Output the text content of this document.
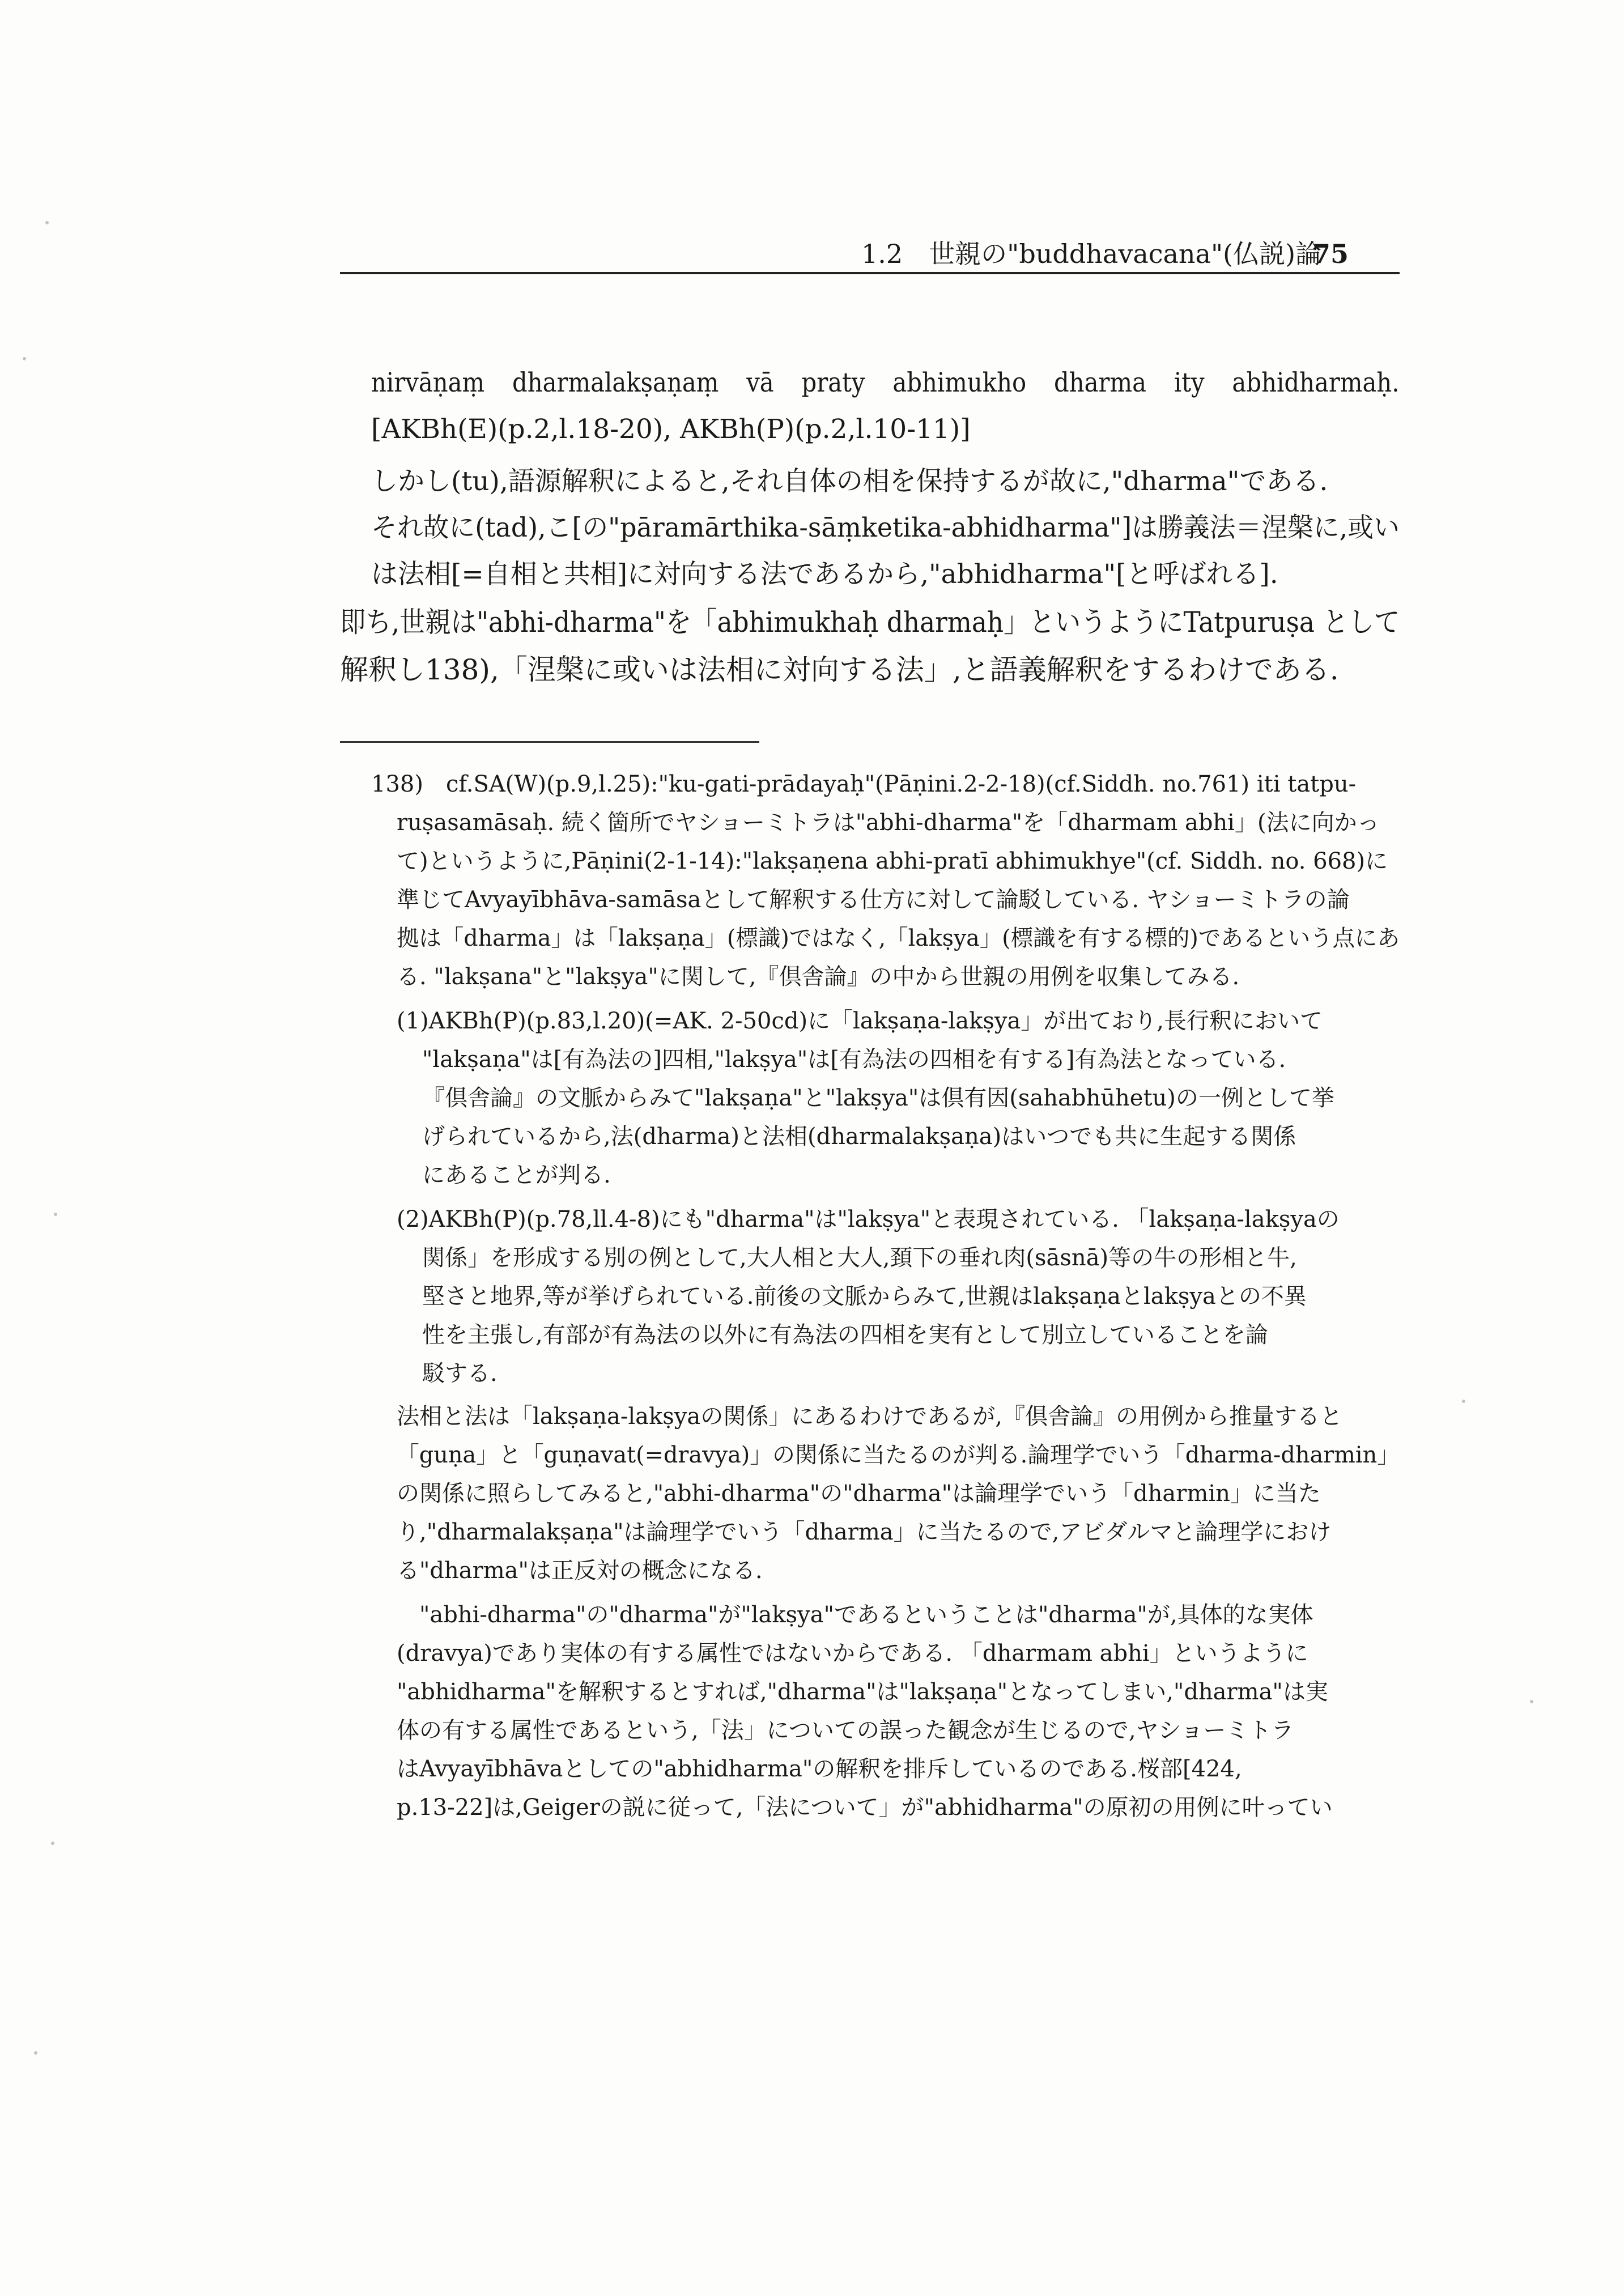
1.2　世親の"buddhavacana"(仏説)論
75
nirvāṇaṃ dharmalakṣaṇaṃ vā praty abhimukho dharma ity abhidharmaḥ.
[AKBh(E)(p.2,l.18-20), AKBh(P)(p.2,l.10-11)]
しかし(tu),語源解釈によると,それ自体の相を保持するが故に,"dharma"である.
それ故に(tad),こ[の"pāramārthika-sāṃketika-abhidharma"]は勝義法＝涅槃に,或い
は法相[=自相と共相]に対向する法であるから,"abhidharma"[と呼ばれる].
即ち,世親は"abhi-dharma"を「abhimukhaḥ dharmaḥ」というようにTatpuruṣa として
解釈し138),「涅槃に或いは法相に対向する法」,と語義解釈をするわけである.
138)　cf.SA(W)(p.9,l.25):"ku-gati-prādayaḥ"(Pāṇini.2-2-18)(cf.Siddh. no.761) iti tatpu-
ruṣasamāsaḥ. 続く箇所でヤショーミトラは"abhi-dharma"を「dharmam abhi」(法に向かっ
て)というように,Pāṇini(2-1-14):"lakṣaṇena abhi-pratī abhimukhye"(cf. Siddh. no. 668)に
準じてAvyayībhāva-samāsaとして解釈する仕方に対して論駁している. ヤショーミトラの論
拠は「dharma」は「lakṣaṇa」(標識)ではなく,「lakṣya」(標識を有する標的)であるという点にあ
る. "lakṣana"と"lakṣya"に関して,『倶舎論』の中から世親の用例を収集してみる.
(1)AKBh(P)(p.83,l.20)(=AK. 2-50cd)に「lakṣaṇa-lakṣya」が出ており,長行釈において
"lakṣaṇa"は[有為法の]四相,"lakṣya"は[有為法の四相を有する]有為法となっている.
『倶舎論』の文脈からみて"lakṣaṇa"と"lakṣya"は倶有因(sahabhūhetu)の一例として挙
げられているから,法(dharma)と法相(dharmalakṣaṇa)はいつでも共に生起する関係
にあることが判る.
(2)AKBh(P)(p.78,ll.4-8)にも"dharma"は"lakṣya"と表現されている. 「lakṣaṇa-lakṣyaの
関係」を形成する別の例として,大人相と大人,頚下の垂れ肉(sāsnā)等の牛の形相と牛,
堅さと地界,等が挙げられている.前後の文脈からみて,世親はlakṣaṇaとlakṣyaとの不異
性を主張し,有部が有為法の以外に有為法の四相を実有として別立していることを論
駁する.
法相と法は「lakṣaṇa-lakṣyaの関係」にあるわけであるが,『倶舎論』の用例から推量すると
「guṇa」と「guṇavat(=dravya)」の関係に当たるのが判る.論理学でいう「dharma-dharmin」
の関係に照らしてみると,"abhi-dharma"の"dharma"は論理学でいう「dharmin」に当た
り,"dharmalakṣaṇa"は論理学でいう「dharma」に当たるので,アビダルマと論理学におけ
る"dharma"は正反対の概念になる.
"abhi-dharma"の"dharma"が"lakṣya"であるということは"dharma"が,具体的な実体
(dravya)であり実体の有する属性ではないからである. 「dharmam abhi」というように
"abhidharma"を解釈するとすれば,"dharma"は"lakṣaṇa"となってしまい,"dharma"は実
体の有する属性であるという,「法」についての誤った観念が生じるので,ヤショーミトラ
はAvyayībhāvaとしての"abhidharma"の解釈を排斥しているのである.桜部[424,
p.13-22]は,Geigerの説に従って,「法について」が"abhidharma"の原初の用例に叶ってい
